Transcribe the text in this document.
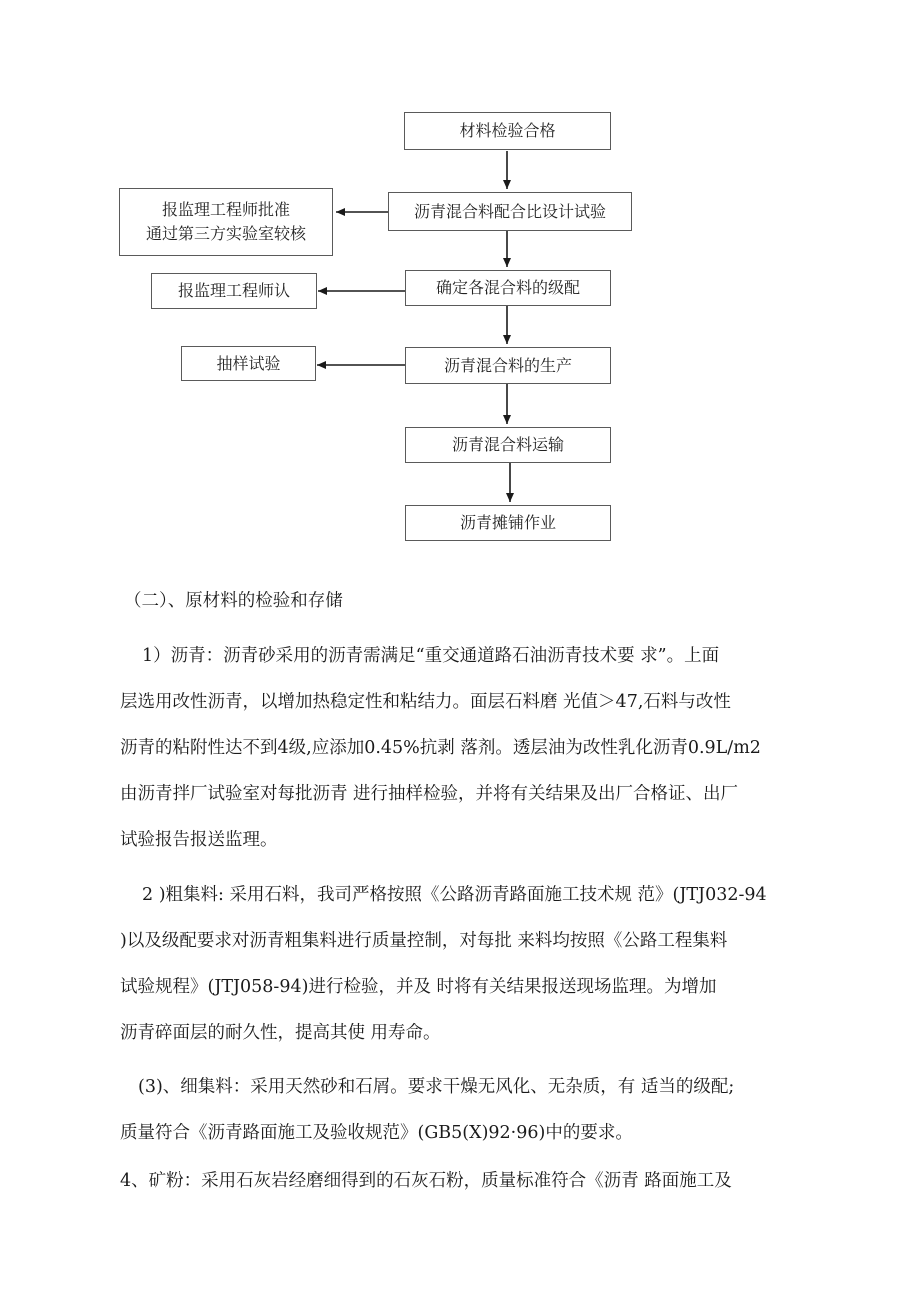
材料检验合格
沥青混合料配合比设计试验
确定各混合料的级配
沥青混合料的生产
沥青混合料运输
沥青摊铺作业
报监理工程师批准
通过第三方实验室较核
报监理工程师认
抽样试验
（二）、原材料的检验和存储
1）沥青：沥青砂采用的沥青需满足“重交通道路石油沥青技术要 求”。上面
层选用改性沥青，以增加热稳定性和粘结力。面层石料磨 光值＞47,石料与改性
沥青的粘附性达不到4级,应添加0.45%抗剥 落剂。透层油为改性乳化沥青0.9L∕m2
由沥青拌厂试验室对每批沥青 进行抽样检验，并将有关结果及出厂合格证、出厂
试验报告报送监理。
2 )粗集料: 采用石料，我司严格按照《公路沥青路面施工技术规 范》(JTJ032-94
)以及级配要求对沥青粗集料进行质量控制，对每批 来料均按照《公路工程集料
试验规程》(JTJ058-94)进行检验，并及 时将有关结果报送现场监理。为增加
沥青碎面层的耐久性，提高其使 用寿命。
(3)、细集料：采用天然砂和石屑。要求干燥无风化、无杂质，有 适当的级配;
质量符合《沥青路面施工及验收规范》(GB5(X)92·96)中的要求。
4、矿粉：采用石灰岩经磨细得到的石灰石粉，质量标准符合《沥青 路面施工及
